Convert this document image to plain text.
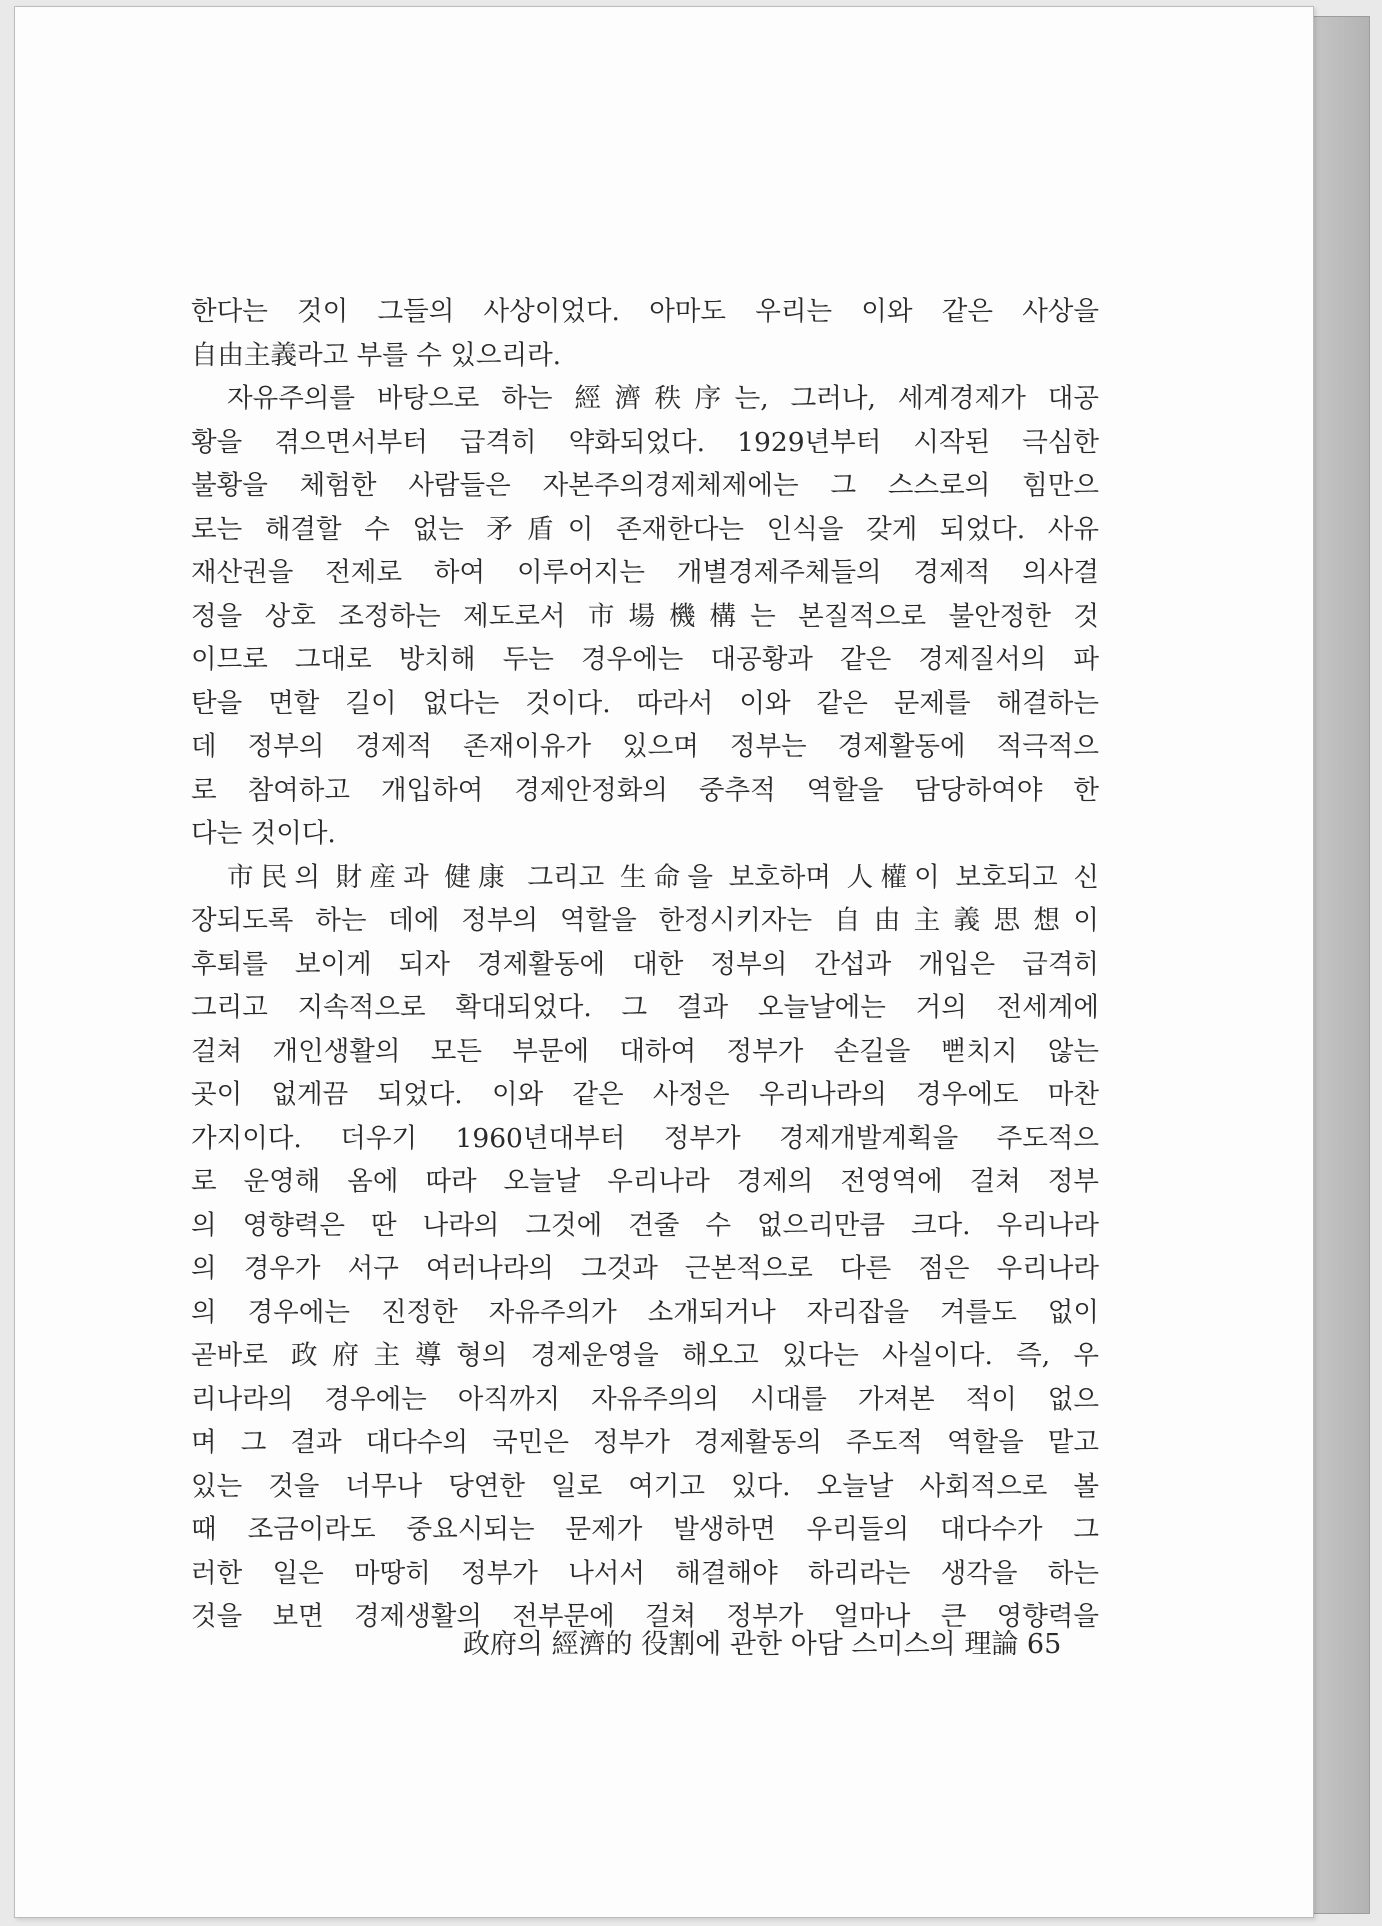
한다는 것이 그들의 사상이었다. 아마도 우리는 이와 같은 사상을
自由主義라고 부를 수 있으리라.
자유주의를 바탕으로 하는 經濟秩序는, 그러나, 세계경제가 대공
황을 겪으면서부터 급격히 약화되었다. 1929년부터 시작된 극심한
불황을 체험한 사람들은 자본주의경제체제에는 그 스스로의 힘만으
로는 해결할 수 없는 矛盾이 존재한다는 인식을 갖게 되었다. 사유
재산권을 전제로 하여 이루어지는 개별경제주체들의 경제적 의사결
정을 상호 조정하는 제도로서 市場機構는 본질적으로 불안정한 것
이므로 그대로 방치해 두는 경우에는 대공황과 같은 경제질서의 파
탄을 면할 길이 없다는 것이다. 따라서 이와 같은 문제를 해결하는
데 정부의 경제적 존재이유가 있으며 정부는 경제활동에 적극적으
로 참여하고 개입하여 경제안정화의 중추적 역할을 담당하여야 한
다는 것이다.
市民의 財産과 健康 그리고 生命을 보호하며 人權이 보호되고 신
장되도록 하는 데에 정부의 역할을 한정시키자는 自由主義思想이
후퇴를 보이게 되자 경제활동에 대한 정부의 간섭과 개입은 급격히
그리고 지속적으로 확대되었다. 그 결과 오늘날에는 거의 전세계에
걸쳐 개인생활의 모든 부문에 대하여 정부가 손길을 뻗치지 않는
곳이 없게끔 되었다. 이와 같은 사정은 우리나라의 경우에도 마찬
가지이다. 더우기 1960년대부터 정부가 경제개발계획을 주도적으
로 운영해 옴에 따라 오늘날 우리나라 경제의 전영역에 걸쳐 정부
의 영향력은 딴 나라의 그것에 견줄 수 없으리만큼 크다. 우리나라
의 경우가 서구 여러나라의 그것과 근본적으로 다른 점은 우리나라
의 경우에는 진정한 자유주의가 소개되거나 자리잡을 겨를도 없이
곧바로 政府主導형의 경제운영을 해오고 있다는 사실이다. 즉, 우
리나라의 경우에는 아직까지 자유주의의 시대를 가져본 적이 없으
며 그 결과 대다수의 국민은 정부가 경제활동의 주도적 역할을 맡고
있는 것을 너무나 당연한 일로 여기고 있다. 오늘날 사회적으로 볼
때 조금이라도 중요시되는 문제가 발생하면 우리들의 대다수가 그
러한 일은 마땅히 정부가 나서서 해결해야 하리라는 생각을 하는
것을 보면 경제생활의 전부문에 걸쳐 정부가 얼마나 큰 영향력을
政府의 經濟的 役割에 관한 아담 스미스의 理論 65
